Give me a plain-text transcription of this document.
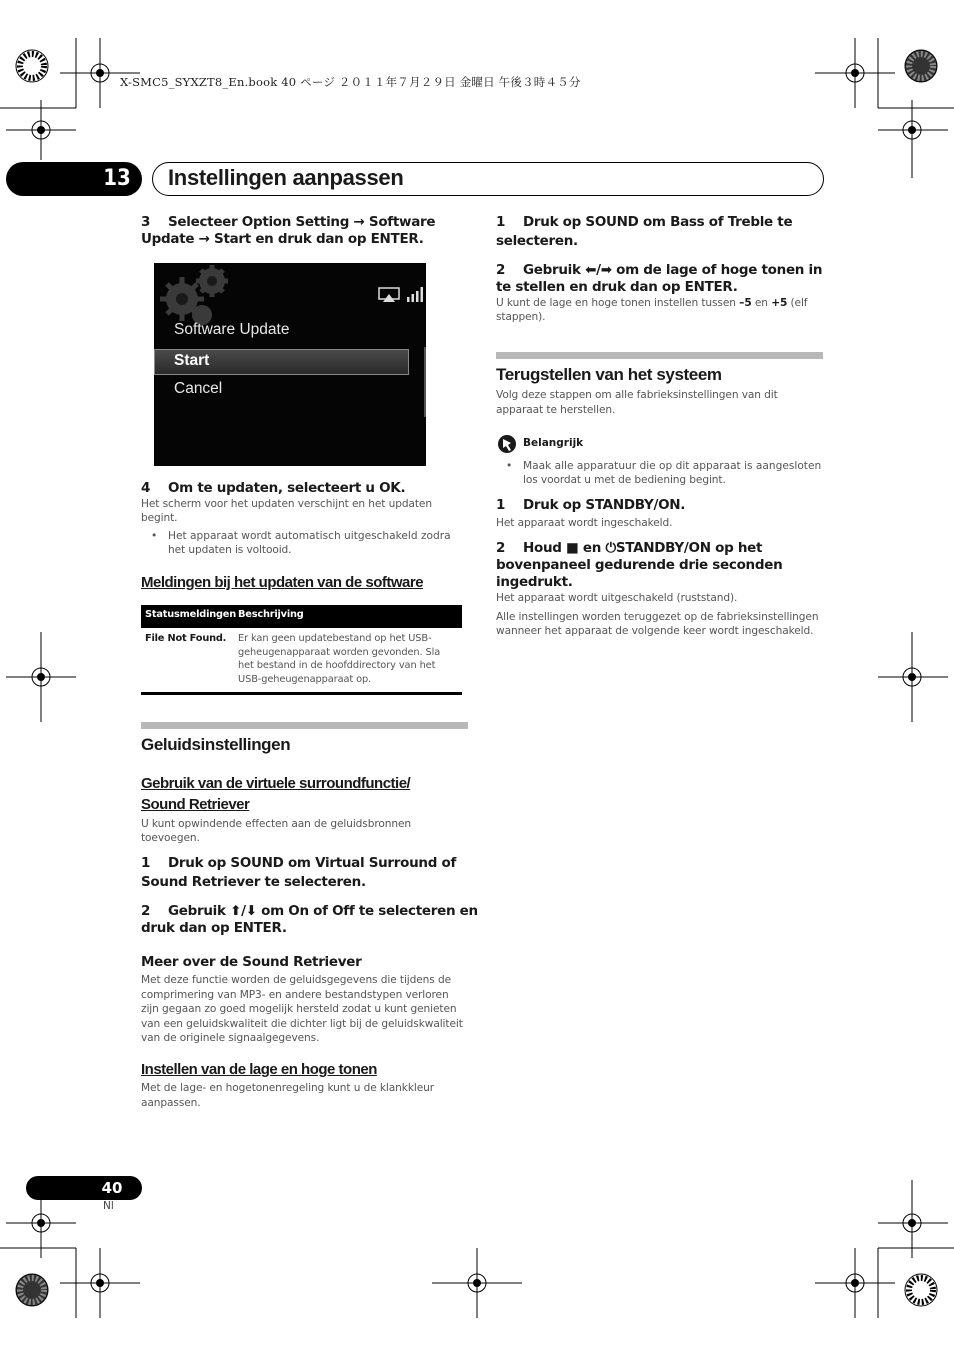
X-SMC5_SYXZT8_En.book 40 ページ ２０１１年７月２９日 金曜日 午後３時４５分
13	Instellingen aanpassen
3 Selecteer Option Setting → Software
Update → Start en druk dan op ENTER.
Software Update
Start
Cancel
4 Om te updaten, selecteert u OK.
Het scherm voor het updaten verschijnt en het updaten
begint.
• Het apparaat wordt automatisch uitgeschakeld zodra
het updaten is voltooid.
Meldingen bij het updaten van de software
Statusmeldingen Beschrijving
File Not Found. Er kan geen updatebestand op het USB-
geheugenapparaat worden gevonden. Sla
het bestand in de hoofddirectory van het
USB-geheugenapparaat op.
Geluidsinstellingen
Gebruik van de virtuele surroundfunctie/
Sound Retriever
U kunt opwindende effecten aan de geluidsbronnen
toevoegen.
1 Druk op SOUND om Virtual Surround of
Sound Retriever te selecteren.
2 Gebruik ⬆/⬇ om On of Off te selecteren en
druk dan op ENTER.
Meer over de Sound Retriever
Met deze functie worden de geluidsgegevens die tijdens de
comprimering van MP3- en andere bestandstypen verloren
zijn gegaan zo goed mogelijk hersteld zodat u kunt genieten
van een geluidskwaliteit die dichter ligt bij de geluidskwaliteit
van de originele signaalgegevens.
Instellen van de lage en hoge tonen
Met de lage- en hogetonenregeling kunt u de klankkleur
aanpassen.
1 Druk op SOUND om Bass of Treble te
selecteren.
2 Gebruik ⬅/➡ om de lage of hoge tonen in
te stellen en druk dan op ENTER.
U kunt de lage en hoge tonen instellen tussen –5 en +5 (elf
stappen).
Terugstellen van het systeem
Volg deze stappen om alle fabrieksinstellingen van dit
apparaat te herstellen.
Belangrijk
• Maak alle apparatuur die op dit apparaat is aangesloten
los voordat u met de bediening begint.
1 Druk op STANDBY/ON.
Het apparaat wordt ingeschakeld.
2 Houd ■ en ⏻STANDBY/ON op het
bovenpaneel gedurende drie seconden
ingedrukt.
Het apparaat wordt uitgeschakeld (ruststand).
Alle instellingen worden teruggezet op de fabrieksinstellingen
wanneer het apparaat de volgende keer wordt ingeschakeld.
40
Nl
